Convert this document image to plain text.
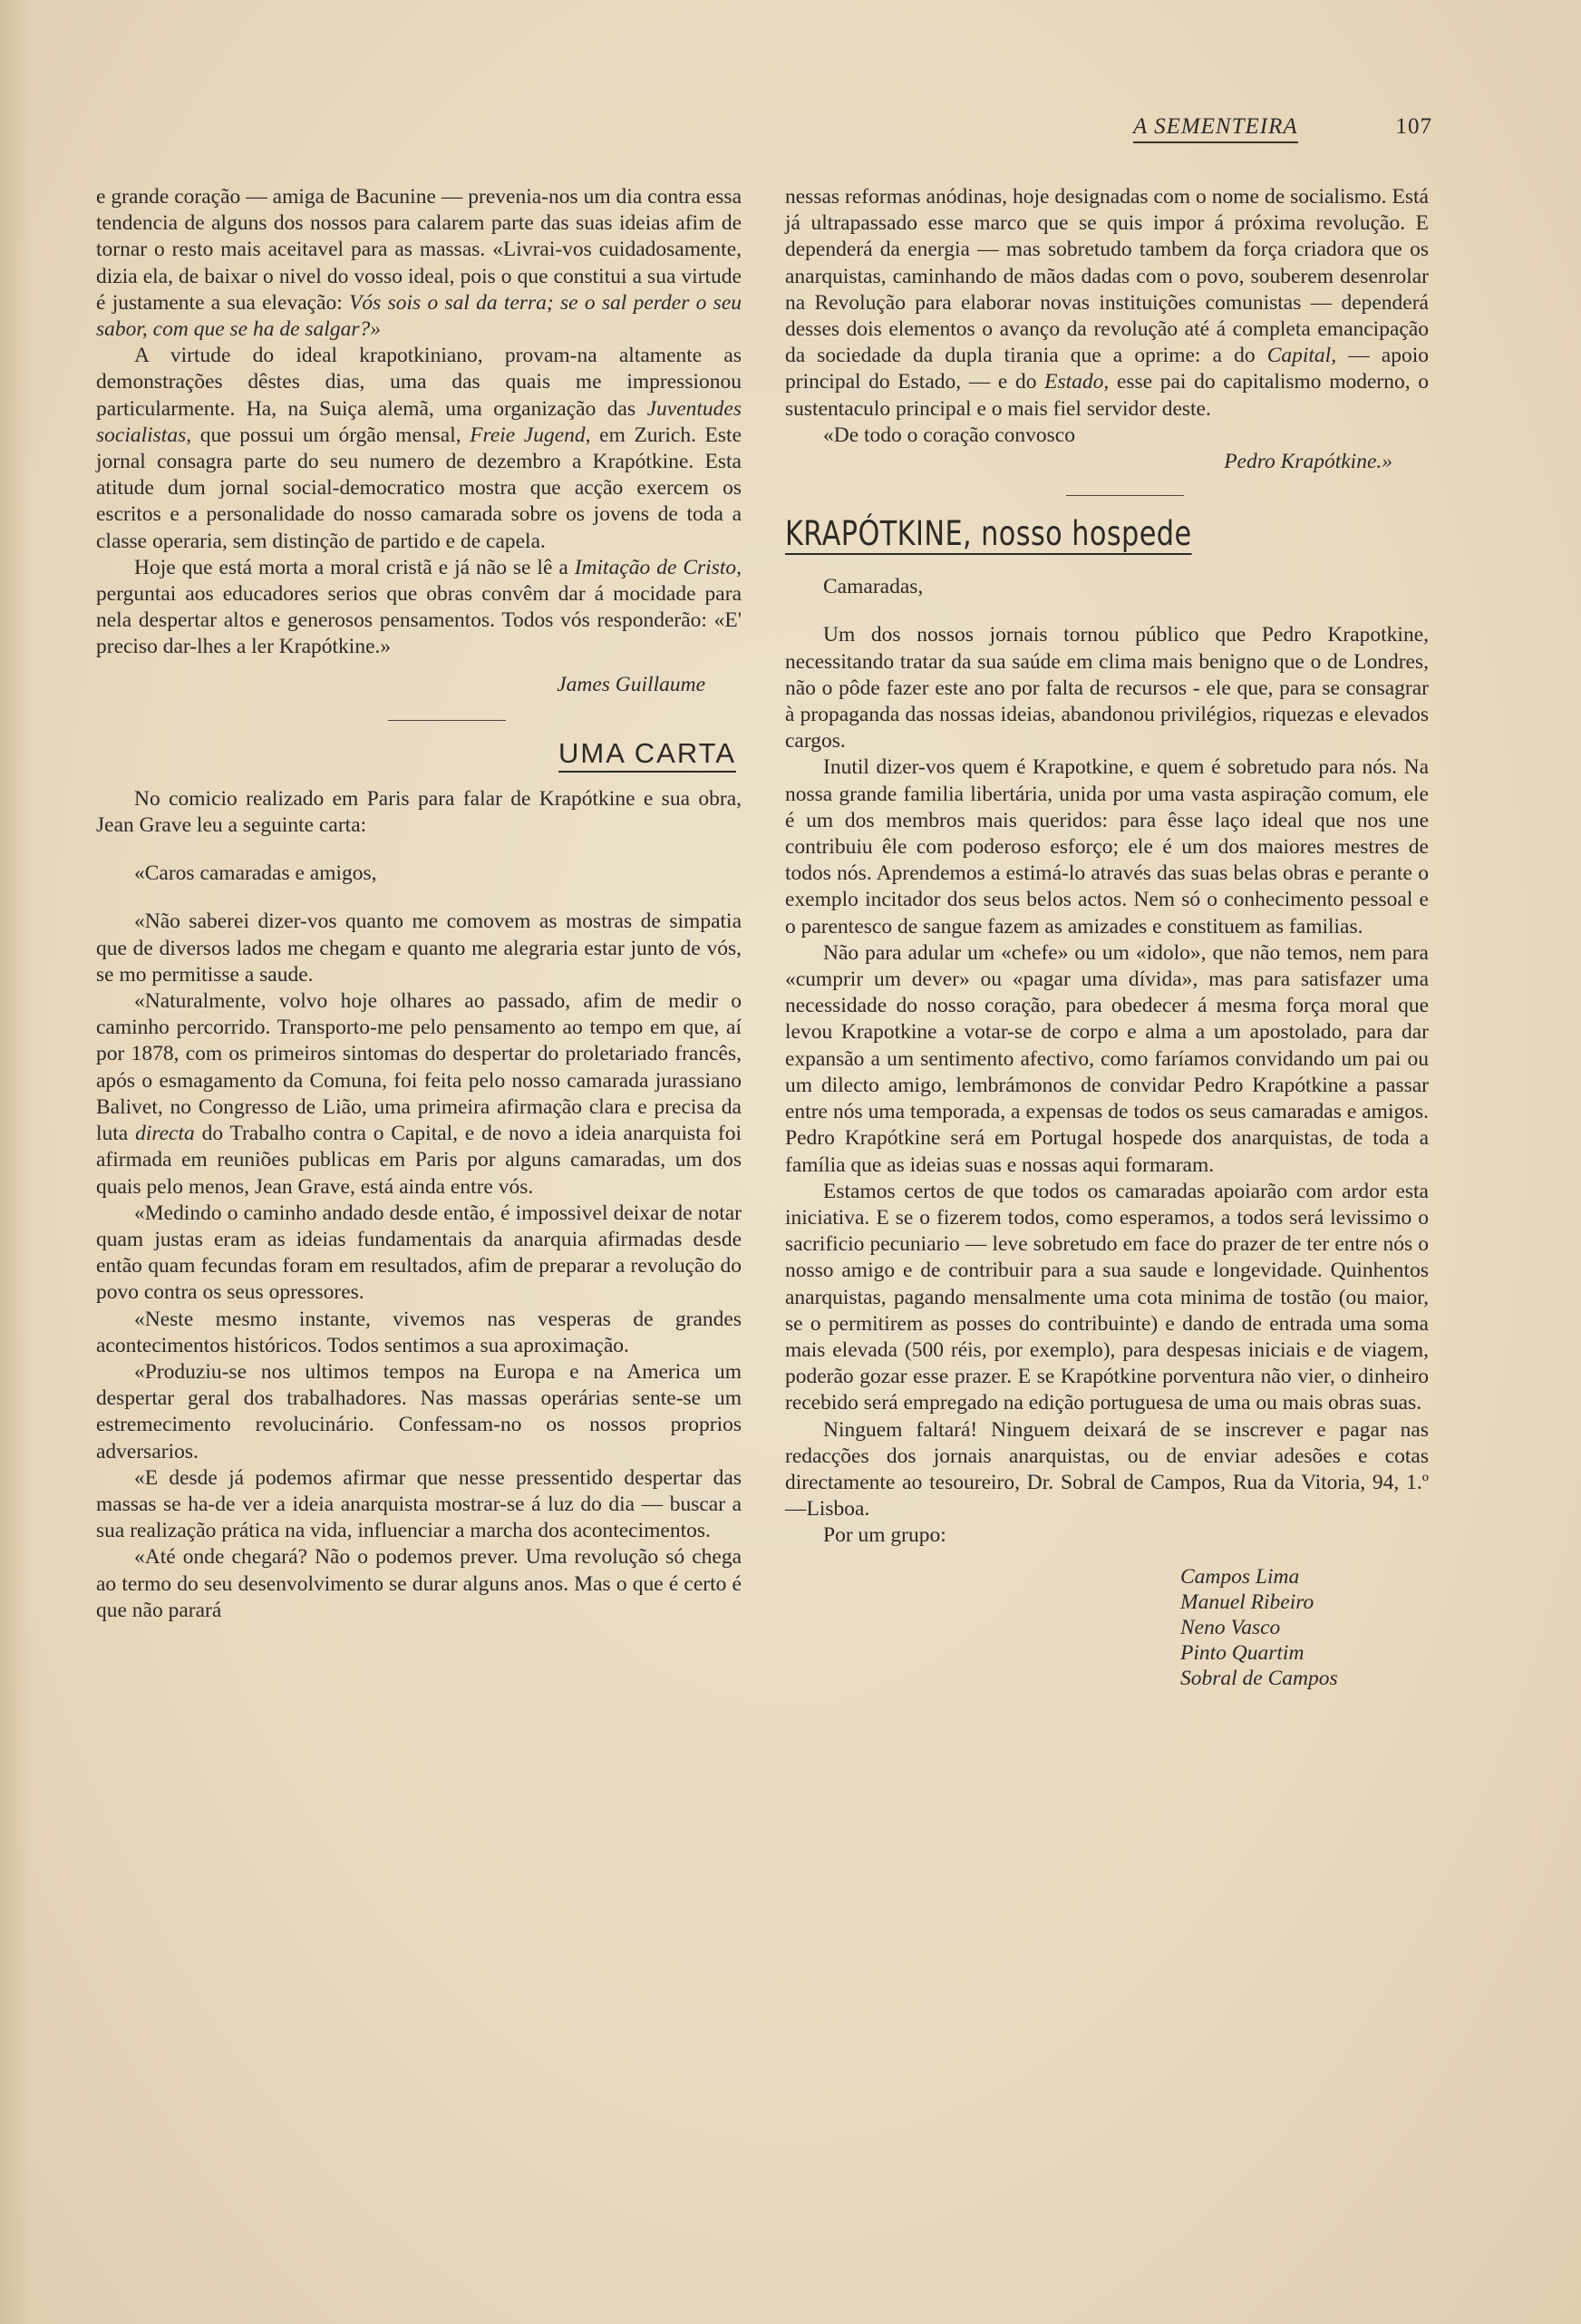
A SEMENTEIRA	107

e grande coração — amiga de Bacunine — prevenia-nos um dia contra essa tendencia de alguns dos nossos para calarem parte das suas ideias afim de tornar o resto mais aceitavel para as massas. «Livrai-vos cuidadosamente, dizia ela, de baixar o nivel do vosso ideal, pois o que constitui a sua virtude é justamente a sua elevação: Vós sois o sal da terra; se o sal perder o seu sabor, com que se ha de salgar?»

A virtude do ideal krapotkiniano, provam-na altamente as demonstrações dêstes dias, uma das quais me impressionou particularmente. Ha, na Suiça alemã, uma organização das Juventudes socialistas, que possui um órgão mensal, Freie Jugend, em Zurich. Este jornal consagra parte do seu numero de dezembro a Krapótkine. Esta atitude dum jornal social-democratico mostra que acção exercem os escritos e a personalidade do nosso camarada sobre os jovens de toda a classe operaria, sem distinção de partido e de capela.

Hoje que está morta a moral cristã e já não se lê a Imitação de Cristo, perguntai aos educadores serios que obras convêm dar á mocidade para nela despertar altos e generosos pensamentos. Todos vós responderão: «E' preciso dar-lhes a ler Krapótkine.»

James Guillaume
UMA CARTA

No comicio realizado em Paris para falar de Krapótkine e sua obra, Jean Grave leu a seguinte carta:

«Caros camaradas e amigos,

«Não saberei dizer-vos quanto me comovem as mostras de simpatia que de diversos lados me chegam e quanto me alegraria estar junto de vós, se mo permitisse a saude.

«Naturalmente, volvo hoje olhares ao passado, afim de medir o caminho percorrido. Transporto-me pelo pensamento ao tempo em que, aí por 1878, com os primeiros sintomas do despertar do proletariado francês, após o esmagamento da Comuna, foi feita pelo nosso camarada jurassiano Balivet, no Congresso de Lião, uma primeira afirmação clara e precisa da luta directa do Trabalho contra o Capital, e de novo a ideia anarquista foi afirmada em reuniões publicas em Paris por alguns camaradas, um dos quais pelo menos, Jean Grave, está ainda entre vós.

«Medindo o caminho andado desde então, é impossivel deixar de notar quam justas eram as ideias fundamentais da anarquia afirmadas desde então quam fecundas foram em resultados, afim de preparar a revolução do povo contra os seus opressores.

«Neste mesmo instante, vivemos nas vesperas de grandes acontecimentos históricos. Todos sentimos a sua aproximação.

«Produziu-se nos ultimos tempos na Europa e na America um despertar geral dos trabalhadores. Nas massas operárias sente-se um estremecimento revolucinário. Confessam-no os nossos proprios adversarios.

«E desde já podemos afirmar que nesse pressentido despertar das massas se ha-de ver a ideia anarquista mostrar-se á luz do dia — buscar a sua realização prática na vida, influenciar a marcha dos acontecimentos.

«Até onde chegará? Não o podemos prever. Uma revolução só chega ao termo do seu desenvolvimento se durar alguns anos. Mas o que é certo é que não parará

nessas reformas anódinas, hoje designadas com o nome de socialismo. Está já ultrapassado esse marco que se quis impor á próxima revolução. E dependerá da energia — mas sobretudo tambem da força criadora que os anarquistas, caminhando de mãos dadas com o povo, souberem desenrolar na Revolução para elaborar novas instituições comunistas — dependerá desses dois elementos o avanço da revolução até á completa emancipação da sociedade da dupla tirania que a oprime: a do Capital, — apoio principal do Estado, — e do Estado, esse pai do capitalismo moderno, o sustentaculo principal e o mais fiel servidor deste.

«De todo o coração convosco

Pedro Krapótkine.»
KRAPÓTKINE, nosso hospede

Camaradas,

Um dos nossos jornais tornou público que Pedro Krapotkine, necessitando tratar da sua saúde em clima mais benigno que o de Londres, não o pôde fazer este ano por falta de recursos - ele que, para se consagrar à propaganda das nossas ideias, abandonou privilégios, riquezas e elevados cargos.

Inutil dizer-vos quem é Krapotkine, e quem é sobretudo para nós. Na nossa grande familia libertária, unida por uma vasta aspiração comum, ele é um dos membros mais queridos: para êsse laço ideal que nos une contribuiu êle com poderoso esforço; ele é um dos maiores mestres de todos nós. Aprendemos a estimá-lo através das suas belas obras e perante o exemplo incitador dos seus belos actos. Nem só o conhecimento pessoal e o parentesco de sangue fazem as amizades e constituem as familias.

Não para adular um «chefe» ou um «idolo», que não temos, nem para «cumprir um dever» ou «pagar uma dívida», mas para satisfazer uma necessidade do nosso coração, para obedecer á mesma força moral que levou Krapotkine a votar-se de corpo e alma a um apostolado, para dar expansão a um sentimento afectivo, como faríamos convidando um pai ou um dilecto amigo, lembrámonos de convidar Pedro Krapótkine a passar entre nós uma temporada, a expensas de todos os seus camaradas e amigos. Pedro Krapótkine será em Portugal hospede dos anarquistas, de toda a família que as ideias suas e nossas aqui formaram.

Estamos certos de que todos os camaradas apoiarão com ardor esta iniciativa. E se o fizerem todos, como esperamos, a todos será levissimo o sacrificio pecuniario — leve sobretudo em face do prazer de ter entre nós o nosso amigo e de contribuir para a sua saude e longevidade. Quinhentos anarquistas, pagando mensalmente uma cota minima de tostão (ou maior, se o permitirem as posses do contribuinte) e dando de entrada uma soma mais elevada (500 réis, por exemplo), para despesas iniciais e de viagem, poderão gozar esse prazer. E se Krapótkine porventura não vier, o dinheiro recebido será empregado na edição portuguesa de uma ou mais obras suas.

Ninguem faltará! Ninguem deixará de se inscrever e pagar nas redacções dos jornais anarquistas, ou de enviar adesões e cotas directamente ao tesoureiro, Dr. Sobral de Campos, Rua da Vitoria, 94, 1.º—Lisboa.

Por um grupo:

Campos Lima
Manuel Ribeiro
Neno Vasco
Pinto Quartim
Sobral de Campos
